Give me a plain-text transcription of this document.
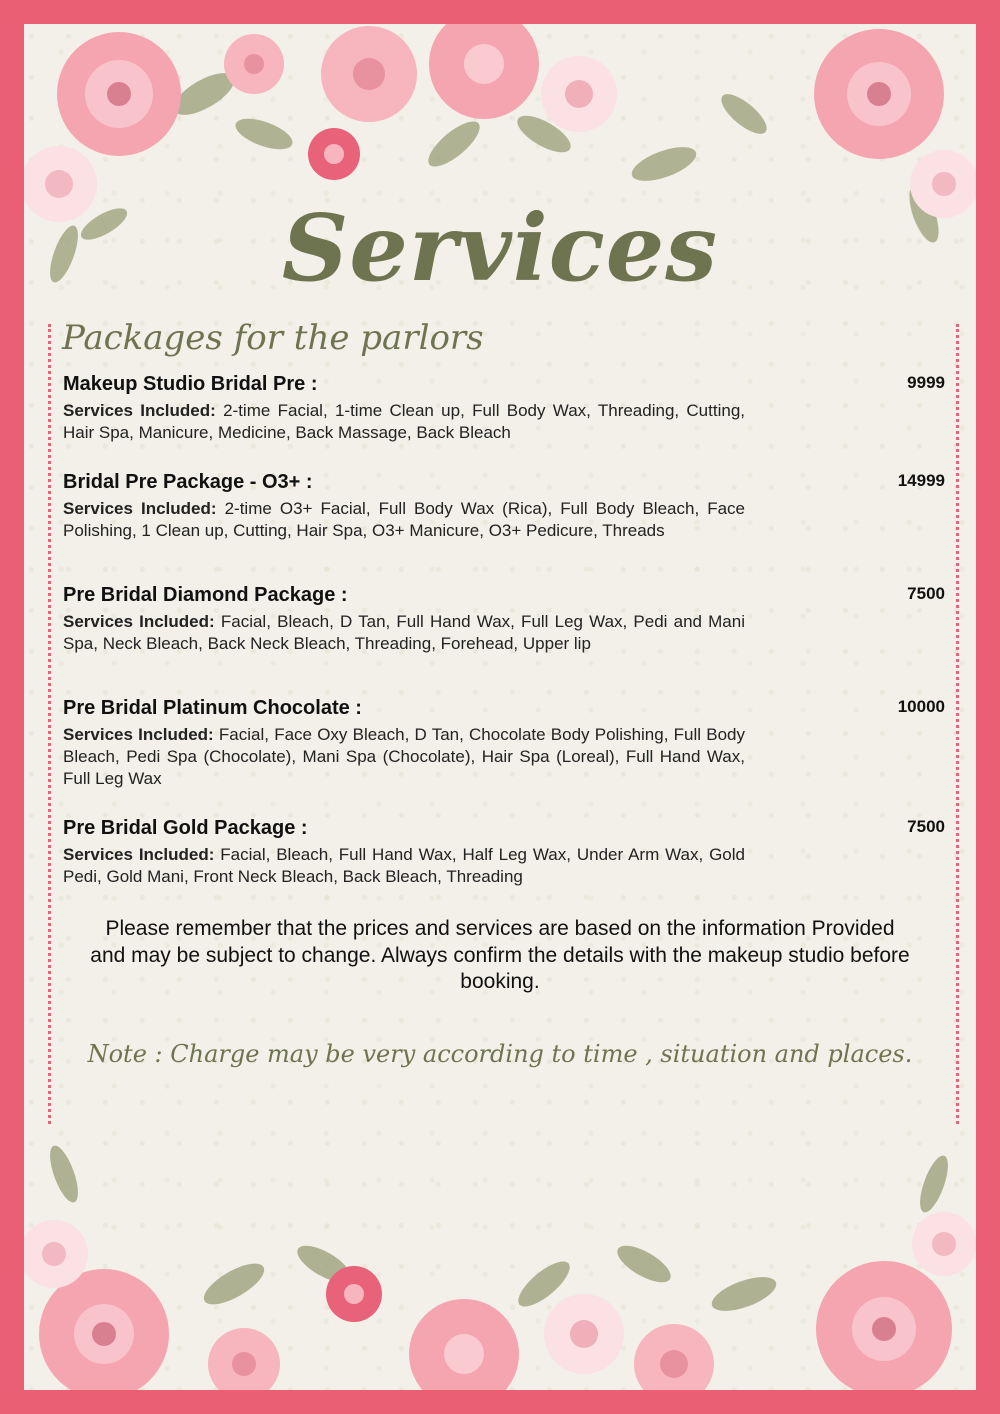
Services
Packages for the parlors
Makeup Studio Bridal Pre :	9999

Services Included: 2-time Facial, 1-time Clean up, Full Body Wax, Threading, Cutting, Hair Spa, Manicure, Medicine, Back Massage, Back Bleach

Bridal Pre Package - O3+ :	14999

Services Included: 2-time O3+ Facial, Full Body Wax (Rica), Full Body Bleach, Face Polishing, 1 Clean up, Cutting, Hair Spa, O3+ Manicure, O3+ Pedicure, Threads

Pre Bridal Diamond Package :	7500

Services Included: Facial, Bleach, D Tan, Full Hand Wax, Full Leg Wax, Pedi and Mani Spa, Neck Bleach, Back Neck Bleach, Threading, Forehead, Upper lip

Pre Bridal Platinum Chocolate :	10000

Services Included: Facial, Face Oxy Bleach, D Tan, Chocolate Body Polishing, Full Body Bleach, Pedi Spa (Chocolate), Mani Spa (Chocolate), Hair Spa (Loreal), Full Hand Wax, Full Leg Wax

Pre Bridal Gold Package :	7500

Services Included: Facial, Bleach, Full Hand Wax, Half Leg Wax, Under Arm Wax, Gold Pedi, Gold Mani, Front Neck Bleach, Back Bleach, Threading

Please remember that the prices and services are based on the information Provided and may be subject to change. Always confirm the details with the makeup studio before booking.
Note : Charge may be very according to time , situation and places.
